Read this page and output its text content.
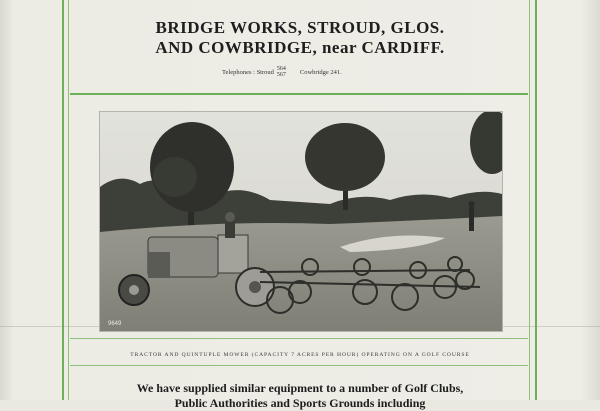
BRIDGE WORKS, STROUD, GLOS.
AND COWBRIDGE, near CARDIFF.
Telephones : Stroud 564
567 Cowbridge 241.
9649
TRACTOR AND QUINTUPLE MOWER (CAPACITY 7 ACRES PER HOUR) OPERATING ON A GOLF COURSE
We have supplied similar equipment to a number of Golf Clubs,
Public Authorities and Sports Grounds including
